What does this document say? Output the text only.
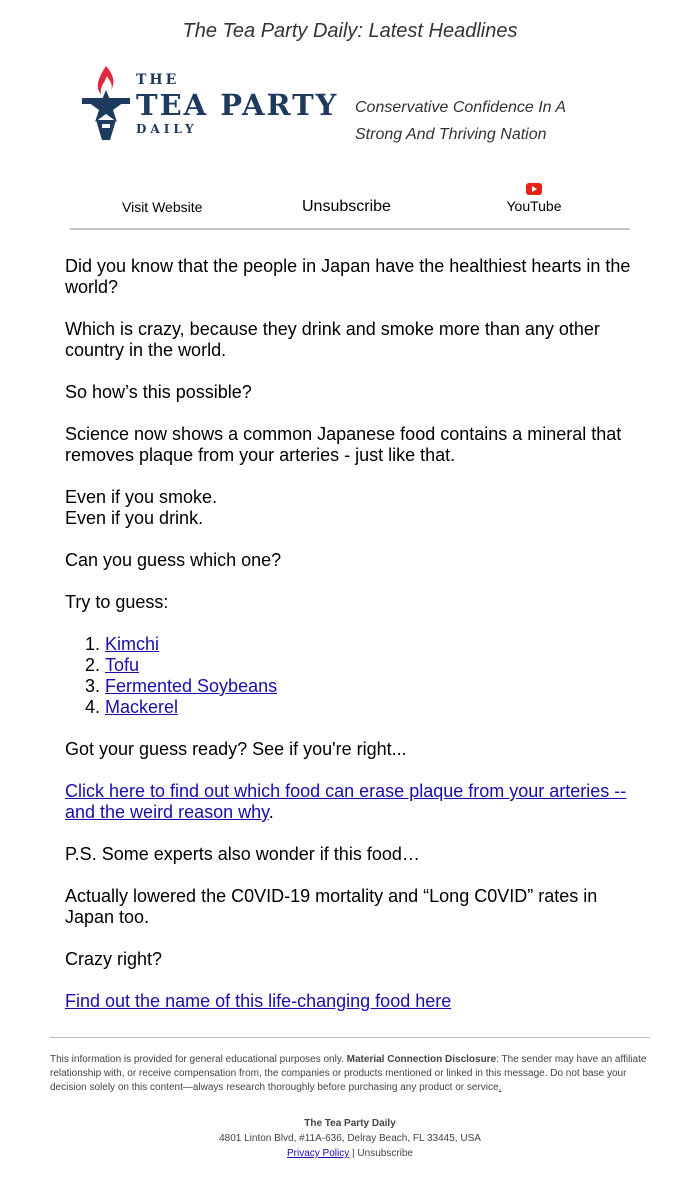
The Tea Party Daily: Latest Headlines
THE
TEA PARTY
DAILY
Conservative Confidence In A
Strong And Thriving Nation
Visit Website	Unsubscribe	YouTube

Did you know that the people in Japan have the healthiest hearts in the world?

Which is crazy, because they drink and smoke more than any other country in the world.

So how’s this possible?

Science now shows a common Japanese food contains a mineral that removes plaque from your arteries - just like that.

Even if you smoke.
Even if you drink.

Can you guess which one?

Try to guess:

1. Kimchi
2. Tofu
3. Fermented Soybeans
4. Mackerel

Got your guess ready? See if you're right...

Click here to find out which food can erase plaque from your arteries -- and the weird reason why.

P.S. Some experts also wonder if this food…

Actually lowered the C0VID-19 mortality and “Long C0VID” rates in Japan too.

Crazy right?

Find out the name of this life-changing food here

This information is provided for general educational purposes only. Material Connection Disclosure: The sender may have an affiliate relationship with, or receive compensation from, the companies or products mentioned or linked in this message. Do not base your decision solely on this content—always research thoroughly before purchasing any product or service.
The Tea Party Daily
4801 Linton Blvd, #11A-636, Delray Beach, FL 33445, USA
Privacy Policy | Unsubscribe
